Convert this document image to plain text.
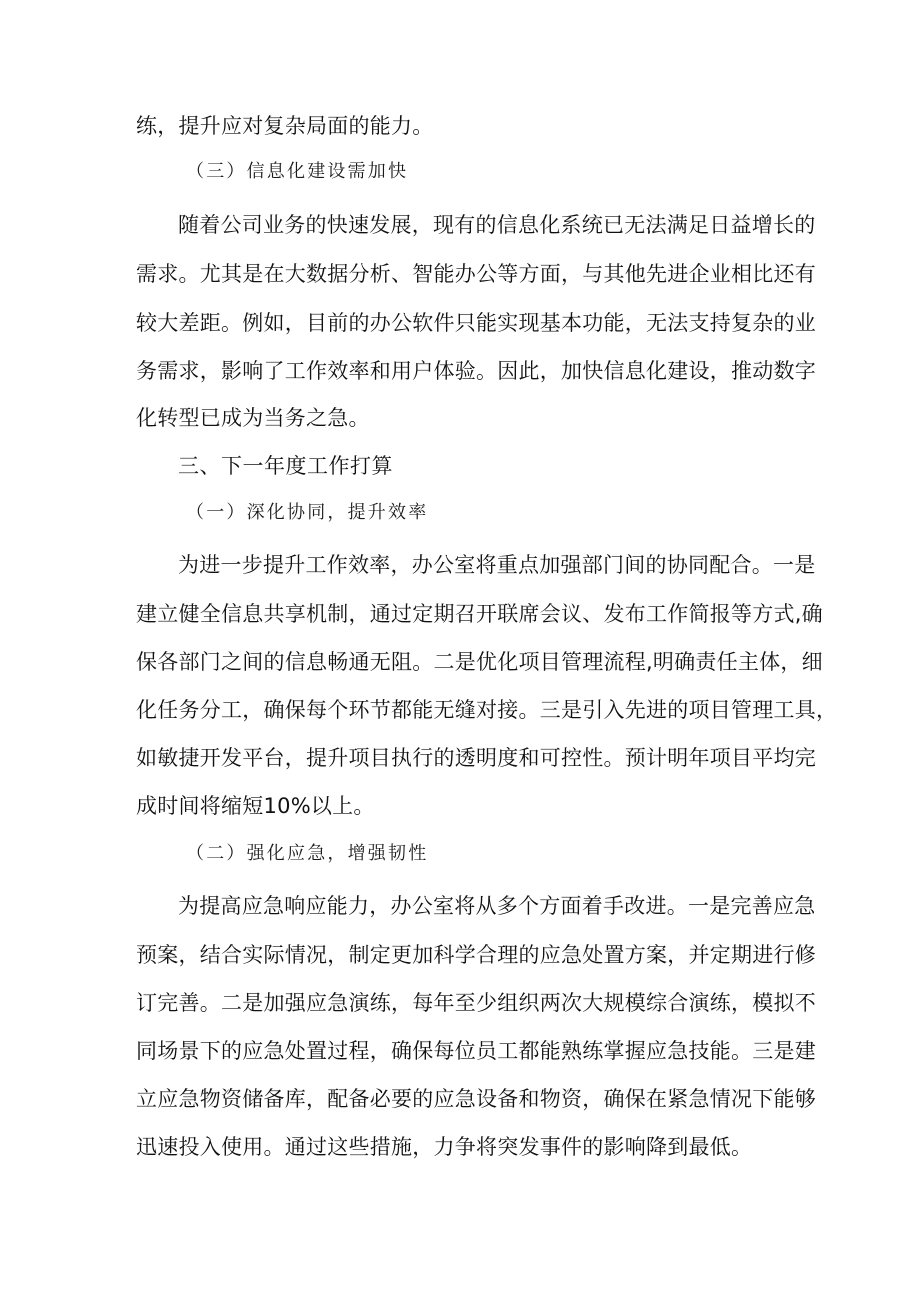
练，提升应对复杂局面的能力。
（三）信息化建设需加快
随着公司业务的快速发展，现有的信息化系统已无法满足日益增长的
需求。尤其是在大数据分析、智能办公等方面，与其他先进企业相比还有
较大差距。例如，目前的办公软件只能实现基本功能，无法支持复杂的业
务需求，影响了工作效率和用户体验。因此，加快信息化建设，推动数字
化转型已成为当务之急。
三、下一年度工作打算
（一）深化协同，提升效率
为进一步提升工作效率，办公室将重点加强部门间的协同配合。一是
建立健全信息共享机制，通过定期召开联席会议、发布工作简报等方式,确
保各部门之间的信息畅通无阻。二是优化项目管理流程,明确责任主体，细
化任务分工，确保每个环节都能无缝对接。三是引入先进的项目管理工具，
如敏捷开发平台，提升项目执行的透明度和可控性。预计明年项目平均完
成时间将缩短10%以上。
（二）强化应急，增强韧性
为提高应急响应能力，办公室将从多个方面着手改进。一是完善应急
预案，结合实际情况，制定更加科学合理的应急处置方案，并定期进行修
订完善。二是加强应急演练，每年至少组织两次大规模综合演练，模拟不
同场景下的应急处置过程，确保每位员工都能熟练掌握应急技能。三是建
立应急物资储备库，配备必要的应急设备和物资，确保在紧急情况下能够
迅速投入使用。通过这些措施，力争将突发事件的影响降到最低。
